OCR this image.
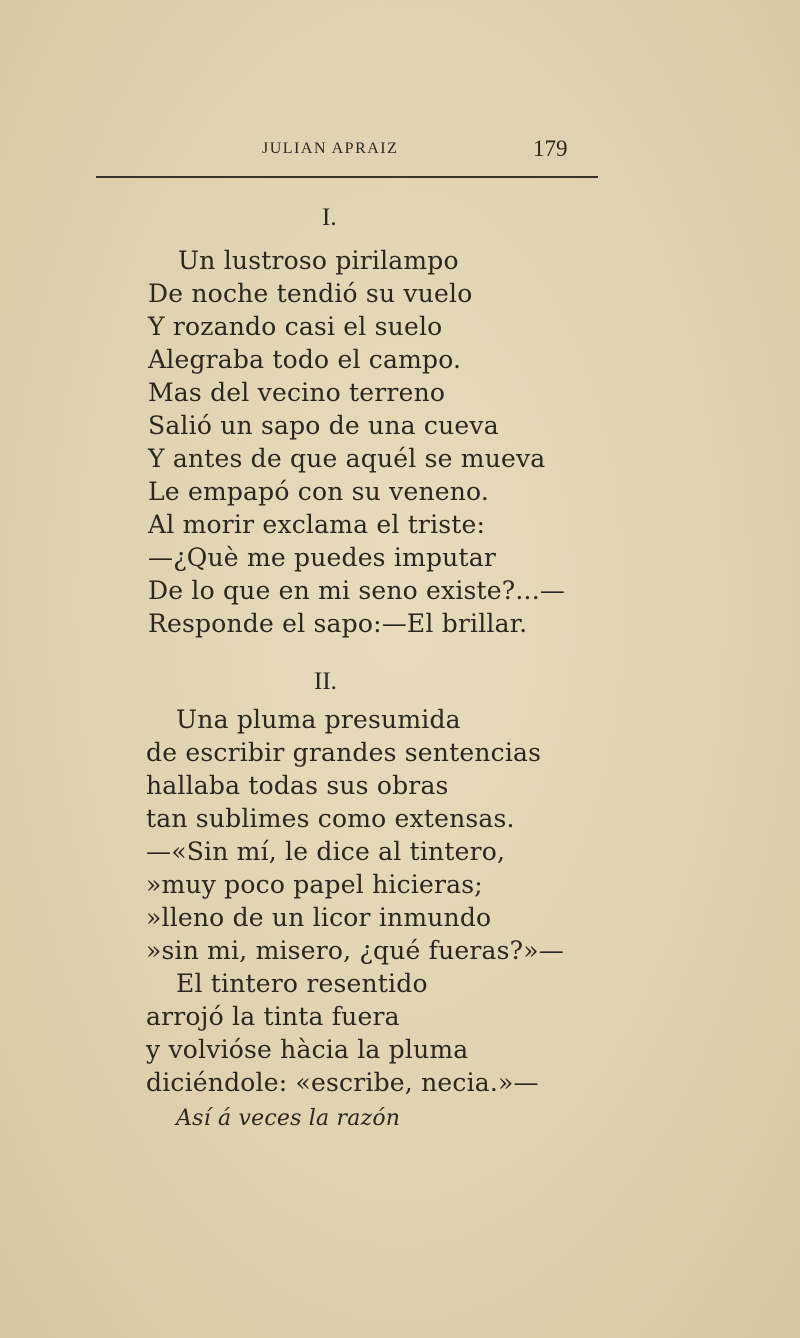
JULIAN APRAIZ	179
I.
Un lustroso pirilampo
De noche tendió su vuelo
Y rozando casi el suelo
Alegraba todo el campo.
Mas del vecino terreno
Salió un sapo de una cueva
Y antes de que aquél se mueva
Le empapó con su veneno.
Al morir exclama el triste:
—¿Què me puedes imputar
De lo que en mi seno existe?...—
Responde el sapo:—El brillar.
II.
Una pluma presumida
de escribir grandes sentencias
hallaba todas sus obras
tan sublimes como extensas.
—«Sin mí, le dice al tintero,
»muy poco papel hicieras;
»lleno de un licor inmundo
»sin mi, misero, ¿qué fueras?»—
El tintero resentido
arrojó la tinta fuera
y volvióse hàcia la pluma
diciéndole: «escribe, necia.»—
Así á veces la razón
